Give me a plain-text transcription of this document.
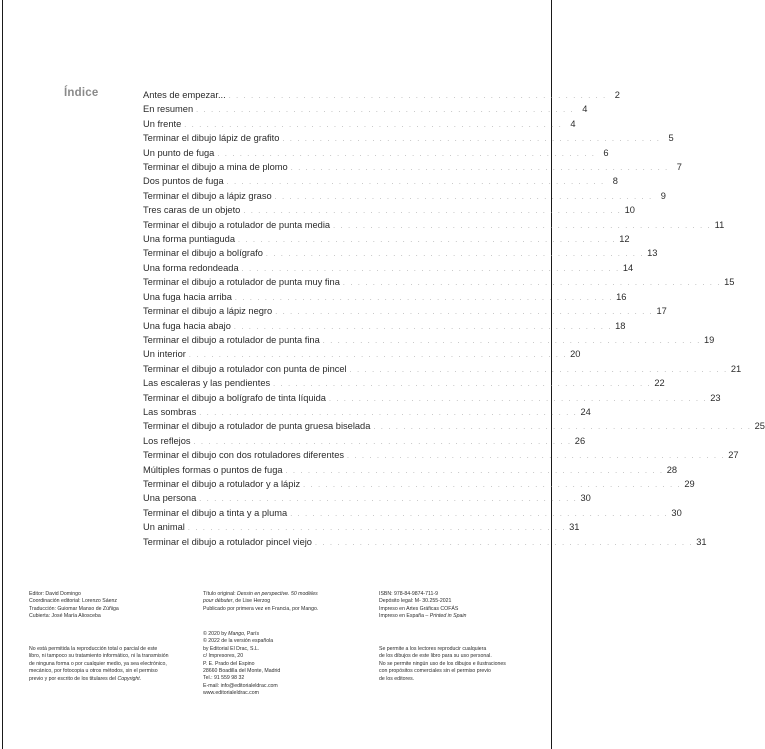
Índice	Antes de empezar... . . . . . . . . . . . . . . . . . . . . . . . . . . . . . . . . . . . . . . . . . . . . . . . . . . . 2
En resumen . . . . . . . . . . . . . . . . . . . . . . . . . . . . . . . . . . . . . . . . . . . . . . . . . . . 4
Un frente . . . . . . . . . . . . . . . . . . . . . . . . . . . . . . . . . . . . . . . . . . . . . . . . . . . 4
Terminar el dibujo lápiz de grafito . . . . . . . . . . . . . . . . . . . . . . . . . . . . . . . . . . . . . . . . . . . . . . . . . . . 5
Un punto de fuga . . . . . . . . . . . . . . . . . . . . . . . . . . . . . . . . . . . . . . . . . . . . . . . . . . . 6
Terminar el dibujo a mina de plomo . . . . . . . . . . . . . . . . . . . . . . . . . . . . . . . . . . . . . . . . . . . . . . . . . . . 7
Dos puntos de fuga . . . . . . . . . . . . . . . . . . . . . . . . . . . . . . . . . . . . . . . . . . . . . . . . . . . 8
Terminar el dibujo a lápiz graso . . . . . . . . . . . . . . . . . . . . . . . . . . . . . . . . . . . . . . . . . . . . . . . . . . . 9
Tres caras de un objeto . . . . . . . . . . . . . . . . . . . . . . . . . . . . . . . . . . . . . . . . . . . . . . . . . . . 10
Terminar el dibujo a rotulador de punta media . . . . . . . . . . . . . . . . . . . . . . . . . . . . . . . . . . . . . . . . . . . . . . . . . . . 11
Una forma puntiaguda . . . . . . . . . . . . . . . . . . . . . . . . . . . . . . . . . . . . . . . . . . . . . . . . . . . 12
Terminar el dibujo a bolígrafo . . . . . . . . . . . . . . . . . . . . . . . . . . . . . . . . . . . . . . . . . . . . . . . . . . . 13
Una forma redondeada . . . . . . . . . . . . . . . . . . . . . . . . . . . . . . . . . . . . . . . . . . . . . . . . . . . 14
Terminar el dibujo a rotulador de punta muy fina . . . . . . . . . . . . . . . . . . . . . . . . . . . . . . . . . . . . . . . . . . . . . . . . . . . 15
Una fuga hacia arriba . . . . . . . . . . . . . . . . . . . . . . . . . . . . . . . . . . . . . . . . . . . . . . . . . . . 16
Terminar el dibujo a lápiz negro . . . . . . . . . . . . . . . . . . . . . . . . . . . . . . . . . . . . . . . . . . . . . . . . . . . 17
Una fuga hacia abajo . . . . . . . . . . . . . . . . . . . . . . . . . . . . . . . . . . . . . . . . . . . . . . . . . . . 18
Terminar el dibujo a rotulador de punta fina . . . . . . . . . . . . . . . . . . . . . . . . . . . . . . . . . . . . . . . . . . . . . . . . . . . 19
Un interior . . . . . . . . . . . . . . . . . . . . . . . . . . . . . . . . . . . . . . . . . . . . . . . . . . . 20
Terminar el dibujo a rotulador con punta de pincel . . . . . . . . . . . . . . . . . . . . . . . . . . . . . . . . . . . . . . . . . . . . . . . . . . . 21
Las escaleras y las pendientes . . . . . . . . . . . . . . . . . . . . . . . . . . . . . . . . . . . . . . . . . . . . . . . . . . . 22
Terminar el dibujo a bolígrafo de tinta líquida . . . . . . . . . . . . . . . . . . . . . . . . . . . . . . . . . . . . . . . . . . . . . . . . . . . 23
Las sombras . . . . . . . . . . . . . . . . . . . . . . . . . . . . . . . . . . . . . . . . . . . . . . . . . . . 24
Terminar el dibujo a rotulador de punta gruesa biselada . . . . . . . . . . . . . . . . . . . . . . . . . . . . . . . . . . . . . . . . . . . . . . . . . . . 25
Los reflejos . . . . . . . . . . . . . . . . . . . . . . . . . . . . . . . . . . . . . . . . . . . . . . . . . . . 26
Terminar el dibujo con dos rotuladores diferentes . . . . . . . . . . . . . . . . . . . . . . . . . . . . . . . . . . . . . . . . . . . . . . . . . . . 27
Múltiples formas o puntos de fuga . . . . . . . . . . . . . . . . . . . . . . . . . . . . . . . . . . . . . . . . . . . . . . . . . . . 28
Terminar el dibujo a rotulador y a lápiz . . . . . . . . . . . . . . . . . . . . . . . . . . . . . . . . . . . . . . . . . . . . . . . . . . . 29
Una persona . . . . . . . . . . . . . . . . . . . . . . . . . . . . . . . . . . . . . . . . . . . . . . . . . . . 30
Terminar el dibujo a tinta y a pluma . . . . . . . . . . . . . . . . . . . . . . . . . . . . . . . . . . . . . . . . . . . . . . . . . . . 30
Un animal . . . . . . . . . . . . . . . . . . . . . . . . . . . . . . . . . . . . . . . . . . . . . . . . . . . 31
Terminar el dibujo a rotulador pincel viejo . . . . . . . . . . . . . . . . . . . . . . . . . . . . . . . . . . . . . . . . . . . . . . . . . . . 31
Editor: David Domingo
Coordinación editorial: Lorenzo Sáenz
Traducción: Guiomar Manso de Zúñiga
Cubierta: José María Aliosceba
Título original: Dessin en perspective. 50 modèles
pour débuter, de Lise Herzog
Publicado por primera vez en Francia, por Mango.
ISBN: 978-84-9874-711-9
Depósito legal: M- 30.255-2021
Impreso en Artes Gráficas COFÁS
Impreso en España – Printed in Spain
No está permitida la reproducción total o parcial de este
libro, ni tampoco su tratamiento informático, ni la transmisión
de ninguna forma o por cualquier medio, ya sea electrónico,
mecánico, por fotocopia u otros métodos, sin el permiso
previo y por escrito de los titulares del Copyright.
© 2020 by Mango, París
© 2022 de la versión española
by Editorial El Drac, S.L.
c/ Impresores, 20
P. E. Prado del Espino
28660 Boadilla del Monte, Madrid
Tel.: 91 559 98 32
E-mail: info@editorialeldrac.com
www.editorialeldrac.com
Se permite a los lectores reproducir cualquiera
de los dibujos de este libro para su uso personal.
No se permite ningún uso de los dibujos e ilustraciones
con propósitos comerciales sin el permiso previo
de los editores.
